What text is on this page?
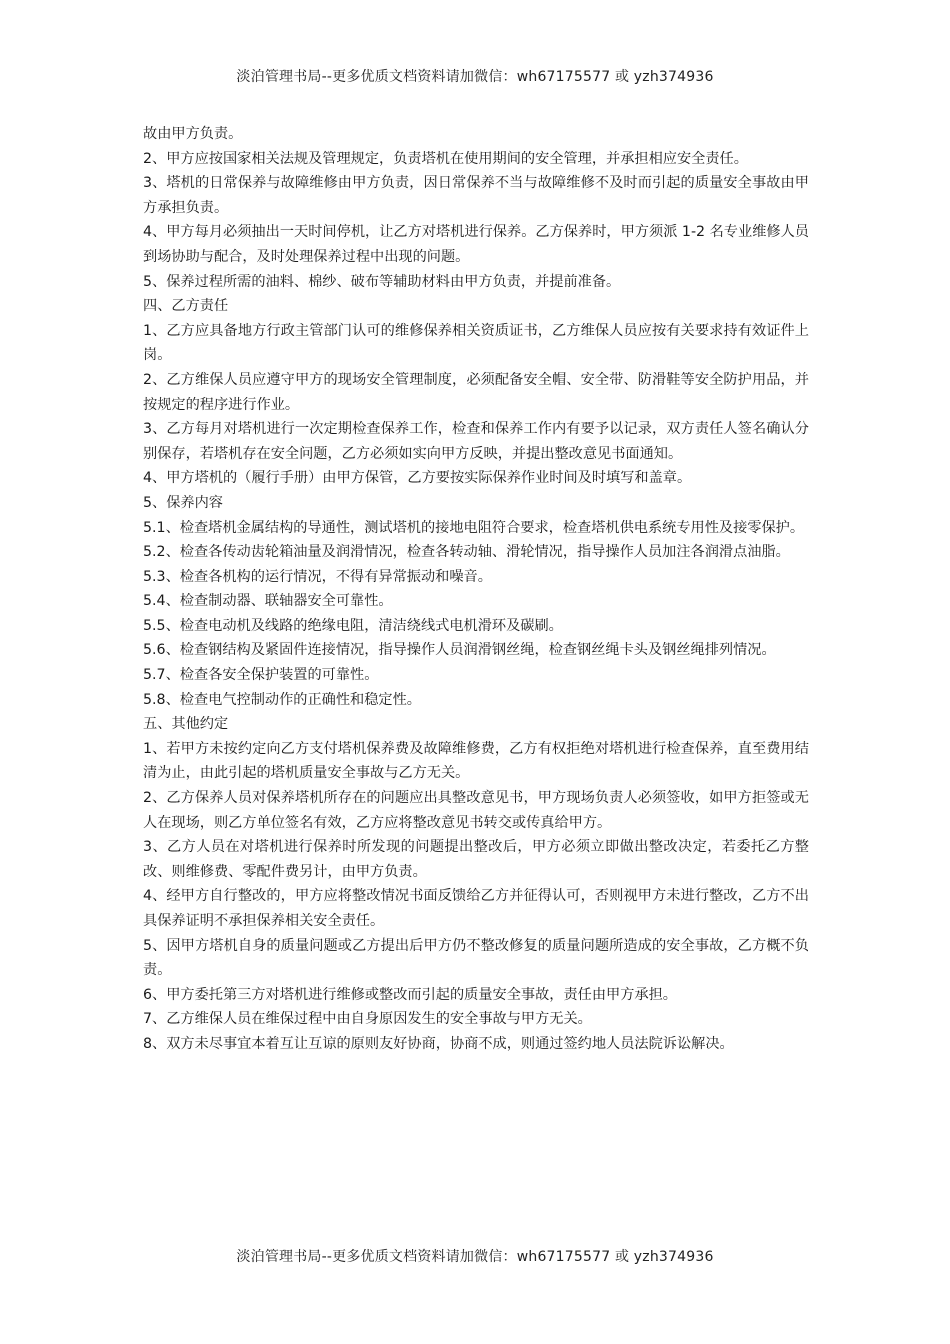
淡泊管理书局--更多优质文档资料请加微信：wh67175577 或 yzh374936

故由甲方负责。

2、甲方应按国家相关法规及管理规定，负责塔机在使用期间的安全管理，并承担相应安全责任。

3、塔机的日常保养与故障维修由甲方负责，因日常保养不当与故障维修不及时而引起的质量安全事故由甲方承担负责。

4、甲方每月必须抽出一天时间停机，让乙方对塔机进行保养。乙方保养时，甲方须派 1-2 名专业维修人员到场协助与配合，及时处理保养过程中出现的问题。

5、保养过程所需的油料、棉纱、破布等辅助材料由甲方负责，并提前准备。

四、乙方责任

1、乙方应具备地方行政主管部门认可的维修保养相关资质证书，乙方维保人员应按有关要求持有效证件上岗。

2、乙方维保人员应遵守甲方的现场安全管理制度，必须配备安全帽、安全带、防滑鞋等安全防护用品，并按规定的程序进行作业。

3、乙方每月对塔机进行一次定期检查保养工作，检查和保养工作内有要予以记录，双方责任人签名确认分别保存，若塔机存在安全问题，乙方必须如实向甲方反映，并提出整改意见书面通知。

4、甲方塔机的（履行手册）由甲方保管，乙方要按实际保养作业时间及时填写和盖章。

5、保养内容

5.1、检查塔机金属结构的导通性，测试塔机的接地电阻符合要求，检查塔机供电系统专用性及接零保护。

5.2、检查各传动齿轮箱油量及润滑情况，检查各转动轴、滑轮情况，指导操作人员加注各润滑点油脂。

5.3、检查各机构的运行情况，不得有异常振动和噪音。

5.4、检查制动器、联轴器安全可靠性。

5.5、检查电动机及线路的绝缘电阻，清洁绕线式电机滑环及碳刷。

5.6、检查钢结构及紧固件连接情况，指导操作人员润滑钢丝绳，检查钢丝绳卡头及钢丝绳排列情况。

5.7、检查各安全保护装置的可靠性。

5.8、检查电气控制动作的正确性和稳定性。

五、其他约定

1、若甲方未按约定向乙方支付塔机保养费及故障维修费，乙方有权拒绝对塔机进行检查保养，直至费用结清为止，由此引起的塔机质量安全事故与乙方无关。

2、乙方保养人员对保养塔机所存在的问题应出具整改意见书，甲方现场负责人必须签收，如甲方拒签或无人在现场，则乙方单位签名有效，乙方应将整改意见书转交或传真给甲方。

3、乙方人员在对塔机进行保养时所发现的问题提出整改后，甲方必须立即做出整改决定，若委托乙方整改、则维修费、零配件费另计，由甲方负责。

4、经甲方自行整改的，甲方应将整改情况书面反馈给乙方并征得认可，否则视甲方未进行整改，乙方不出具保养证明不承担保养相关安全责任。

5、因甲方塔机自身的质量问题或乙方提出后甲方仍不整改修复的质量问题所造成的安全事故，乙方概不负责。

6、甲方委托第三方对塔机进行维修或整改而引起的质量安全事故，责任由甲方承担。

7、乙方维保人员在维保过程中由自身原因发生的安全事故与甲方无关。

8、双方未尽事宜本着互让互谅的原则友好协商，协商不成，则通过签约地人员法院诉讼解决。

淡泊管理书局--更多优质文档资料请加微信：wh67175577 或 yzh374936
